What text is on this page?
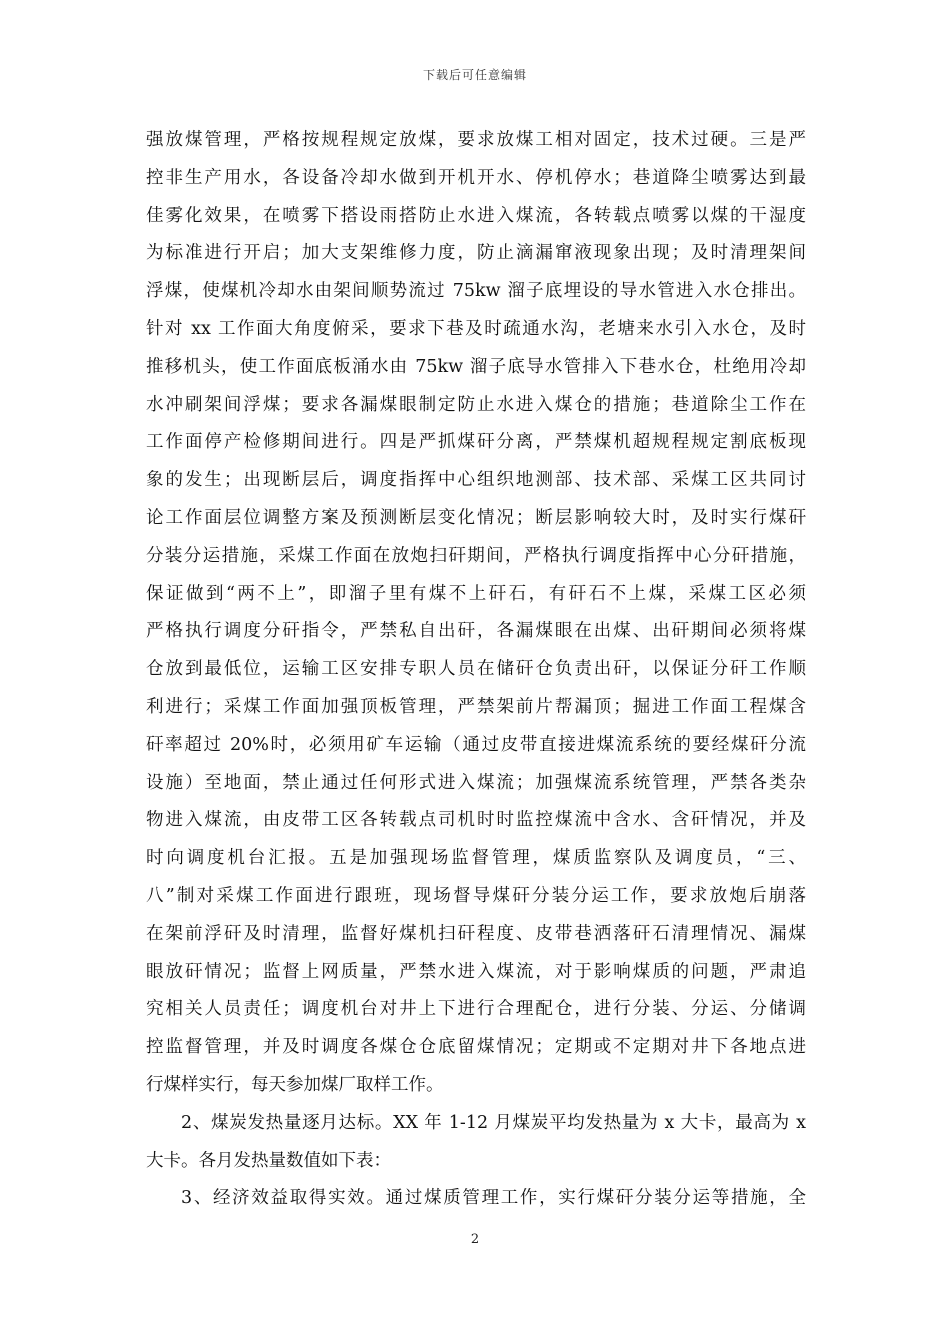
下载后可任意编辑
强放煤管理，严格按规程规定放煤，要求放煤工相对固定，技术过硬。三是严
控非生产用水，各设备冷却水做到开机开水、停机停水；巷道降尘喷雾达到最
佳雾化效果，在喷雾下搭设雨搭防止水进入煤流，各转载点喷雾以煤的干湿度
为标准进行开启；加大支架维修力度，防止滴漏窜液现象出现；及时清理架间
浮煤，使煤机冷却水由架间顺势流过 75kw 溜子底埋设的导水管进入水仓排出。
针对 xx 工作面大角度俯采，要求下巷及时疏通水沟，老塘来水引入水仓，及时
推移机头，使工作面底板涌水由 75kw 溜子底导水管排入下巷水仓，杜绝用冷却
水冲刷架间浮煤；要求各漏煤眼制定防止水进入煤仓的措施；巷道除尘工作在
工作面停产检修期间进行。四是严抓煤矸分离，严禁煤机超规程规定割底板现
象的发生；出现断层后，调度指挥中心组织地测部、技术部、采煤工区共同讨
论工作面层位调整方案及预测断层变化情况；断层影响较大时，及时实行煤矸
分装分运措施，采煤工作面在放炮扫矸期间，严格执行调度指挥中心分矸措施，
保证做到“两不上”，即溜子里有煤不上矸石，有矸石不上煤，采煤工区必须
严格执行调度分矸指令，严禁私自出矸，各漏煤眼在出煤、出矸期间必须将煤
仓放到最低位，运输工区安排专职人员在储矸仓负责出矸，以保证分矸工作顺
利进行；采煤工作面加强顶板管理，严禁架前片帮漏顶；掘进工作面工程煤含
矸率超过 20%时，必须用矿车运输（通过皮带直接进煤流系统的要经煤矸分流
设施）至地面，禁止通过任何形式进入煤流；加强煤流系统管理，严禁各类杂
物进入煤流，由皮带工区各转载点司机时时监控煤流中含水、含矸情况，并及
时向调度机台汇报。五是加强现场监督管理，煤质监察队及调度员，“三、
八”制对采煤工作面进行跟班，现场督导煤矸分装分运工作，要求放炮后崩落
在架前浮矸及时清理，监督好煤机扫矸程度、皮带巷洒落矸石清理情况、漏煤
眼放矸情况；监督上网质量，严禁水进入煤流，对于影响煤质的问题，严肃追
究相关人员责任；调度机台对井上下进行合理配仓，进行分装、分运、分储调
控监督管理，并及时调度各煤仓仓底留煤情况；定期或不定期对井下各地点进
行煤样实行，每天参加煤厂取样工作。
2、煤炭发热量逐月达标。XX 年 1-12 月煤炭平均发热量为 x 大卡，最高为 x
大卡。各月发热量数值如下表：
3、经济效益取得实效。通过煤质管理工作，实行煤矸分装分运等措施，全
2
